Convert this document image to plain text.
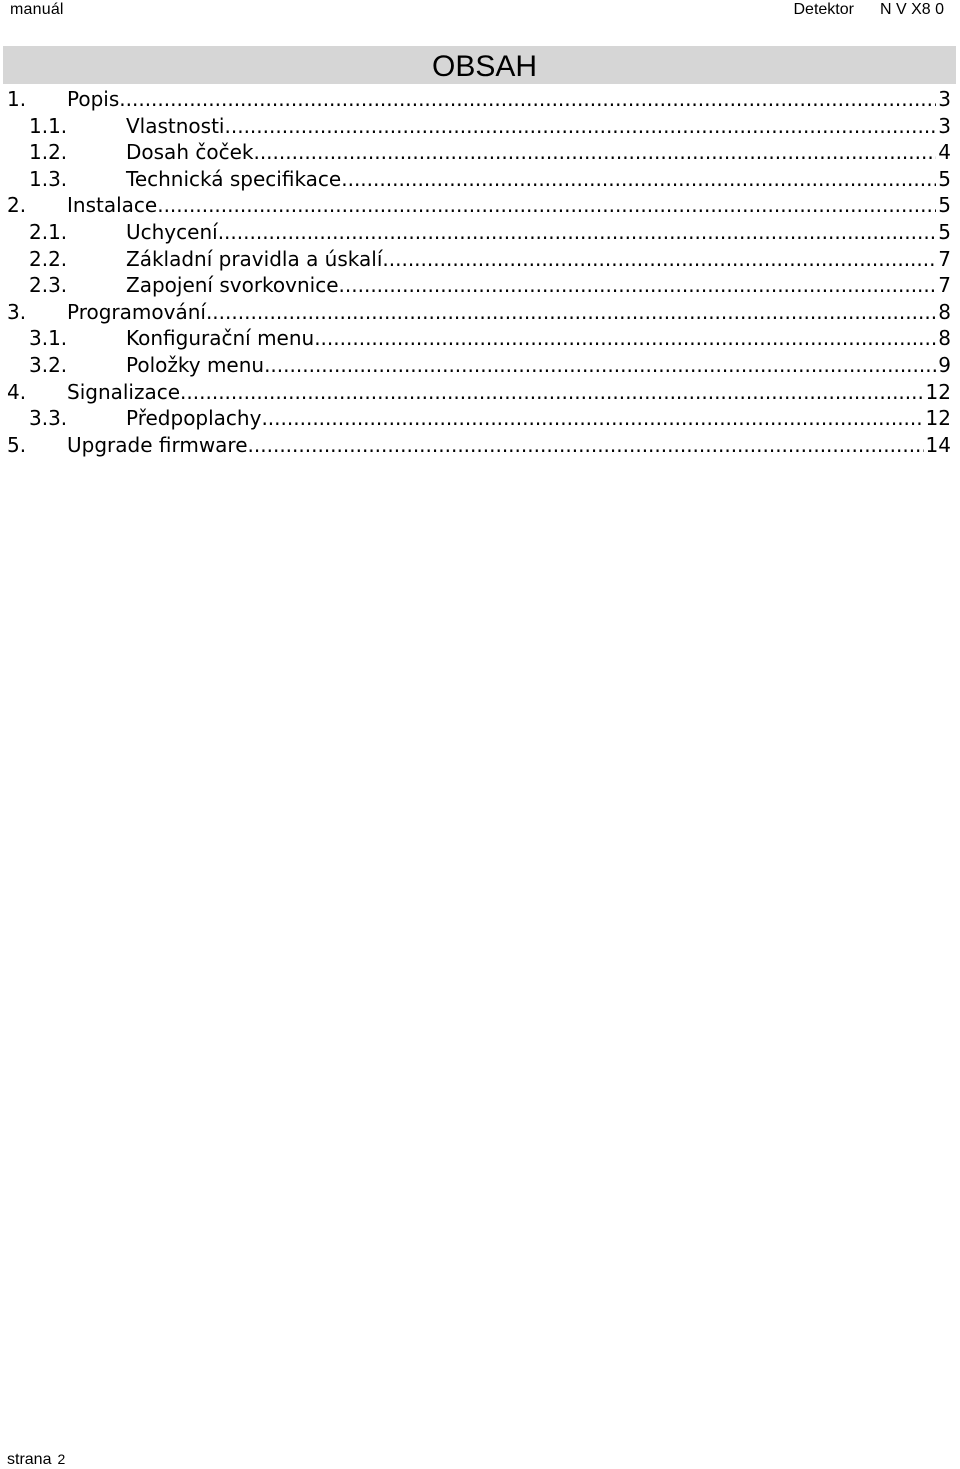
manuál	Detektor N V X8 0
OBSAH
1.	Popis .....	3
1.1.	Vlastnosti .....	3
1.2.	Dosah čoček .....	4
1.3.	Technická specifikace .....	5
2.	Instalace .....	5
2.1.	Uchycení .....	5
2.2.	Základní pravidla a úskalí .....	7
2.3.	Zapojení svorkovnice .....	7
3.	Programování .....	8
3.1.	Konfigurační menu .....	8
3.2.	Položky menu .....	9
4.	Signalizace .....	12
3.3.	Předpoplachy .....	12
5.	Upgrade firmware .....	14
strana 2
